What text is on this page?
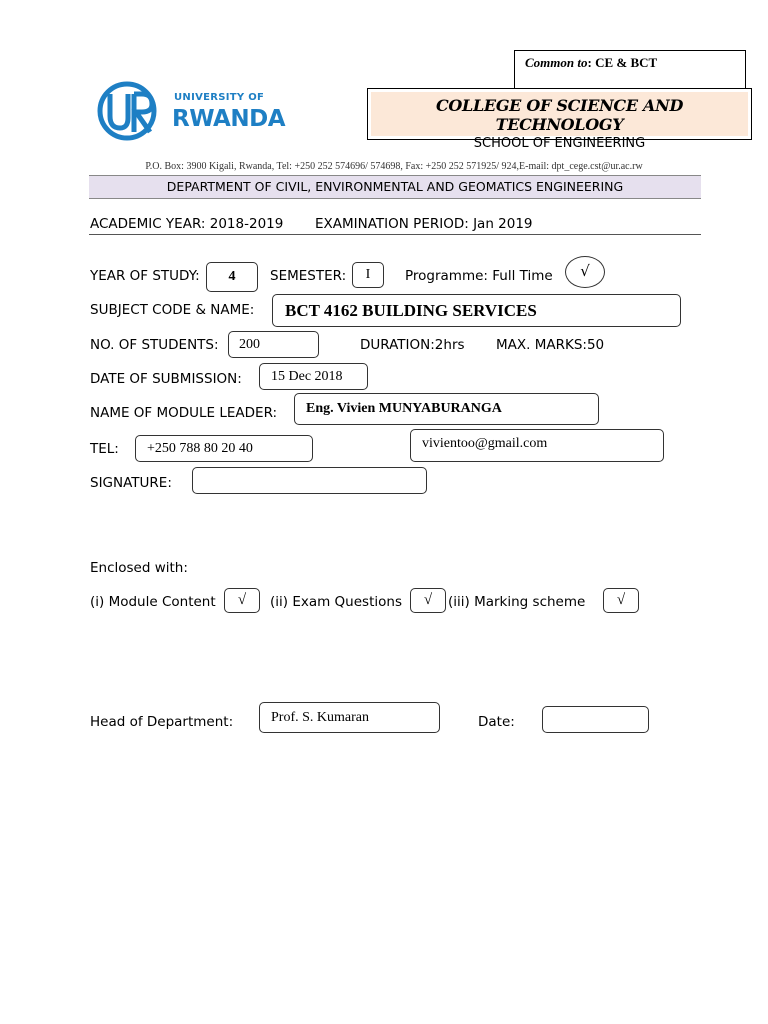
Common to: CE & BCT
UNIVERSITY OF
RWANDA
COLLEGE OF SCIENCE AND TECHNOLOGY
SCHOOL OF ENGINEERING
P.O. Box: 3900 Kigali, Rwanda, Tel: +250 252 574696/ 574698, Fax: +250 252 571925/ 924,E-mail: dpt_cege.cst@ur.ac.rw
DEPARTMENT OF CIVIL, ENVIRONMENTAL AND GEOMATICS ENGINEERING
ACADEMIC YEAR: 2018-2019 EXAMINATION PERIOD: Jan 2019
YEAR OF STUDY:	4	SEMESTER:	I	Programme: Full Time	√
SUBJECT CODE & NAME:	BCT 4162 BUILDING SERVICES
NO. OF STUDENTS:	200	DURATION:2hrs MAX. MARKS:50
DATE OF SUBMISSION:	15 Dec 2018
NAME OF MODULE LEADER:	Eng. Vivien MUNYABURANGA
TEL:	+250 788 80 20 40	vivientoo@gmail.com
SIGNATURE:
Enclosed with:
(i) Module Content	√	(ii) Exam Questions	√	(iii) Marking scheme	√
Head of Department:	Prof. S. Kumaran	Date:
